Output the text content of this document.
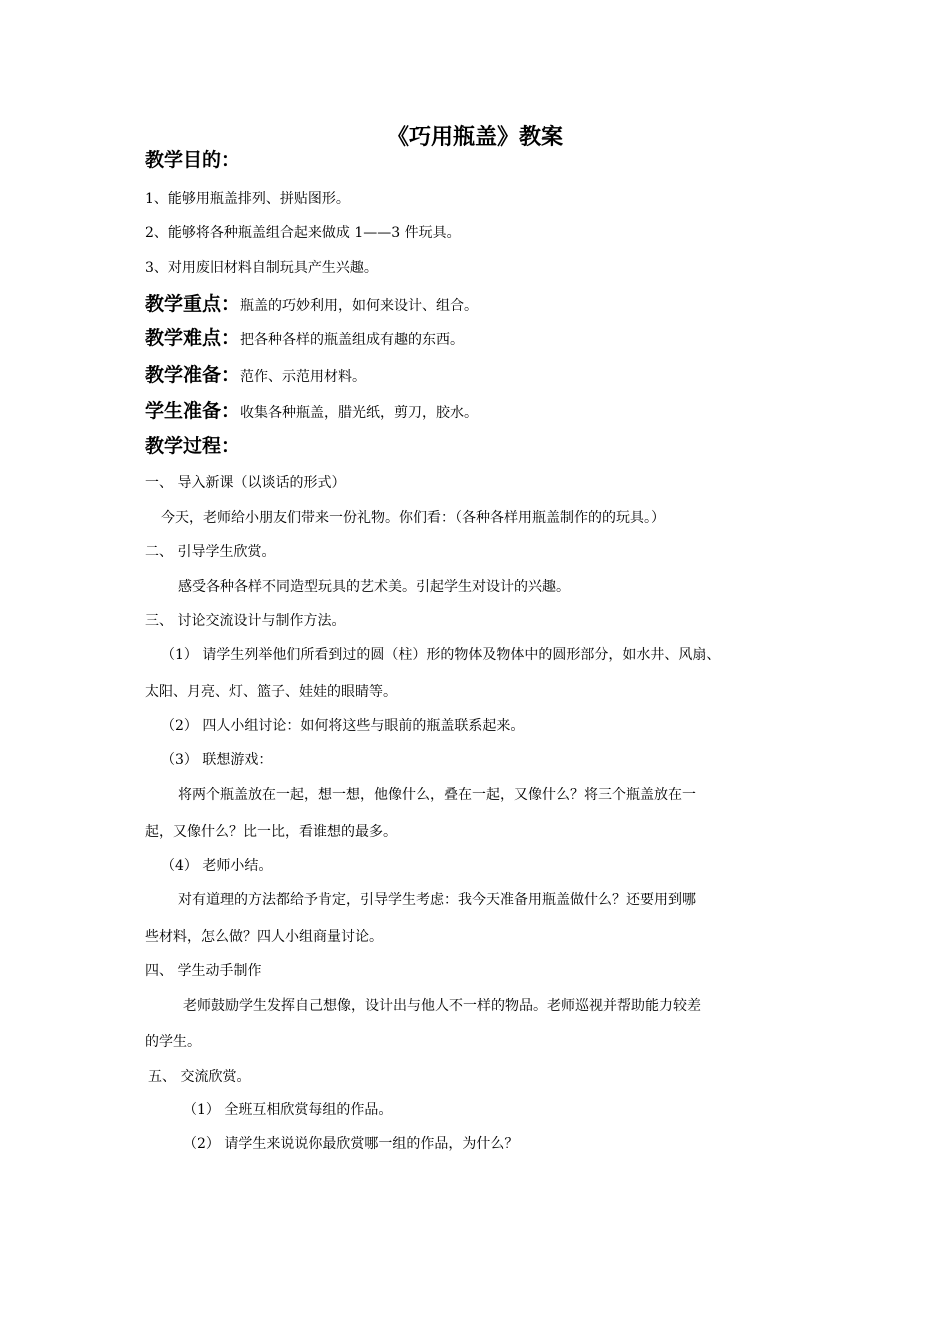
《巧用瓶盖》教案
教学目的：
1、能够用瓶盖排列、拼贴图形。
2、能够将各种瓶盖组合起来做成 1——3 件玩具。
3、对用废旧材料自制玩具产生兴趣。
教学重点：瓶盖的巧妙利用，如何来设计、组合。
教学难点：把各种各样的瓶盖组成有趣的东西。
教学准备：范作、示范用材料。
学生准备：收集各种瓶盖，腊光纸，剪刀，胶水。
教学过程：
一、 导入新课（以谈话的形式）
今天，老师给小朋友们带来一份礼物。你们看：（各种各样用瓶盖制作的的玩具。）
二、 引导学生欣赏。
感受各种各样不同造型玩具的艺术美。引起学生对设计的兴趣。
三、 讨论交流设计与制作方法。
（1） 请学生列举他们所看到过的圆（柱）形的物体及物体中的圆形部分，如水井、风扇、
太阳、月亮、灯、篮子、娃娃的眼睛等。
（2） 四人小组讨论：如何将这些与眼前的瓶盖联系起来。
（3） 联想游戏：
将两个瓶盖放在一起，想一想，他像什么，叠在一起，又像什么？将三个瓶盖放在一
起，又像什么？比一比，看谁想的最多。
（4） 老师小结。
对有道理的方法都给予肯定，引导学生考虑：我今天准备用瓶盖做什么？还要用到哪
些材料，怎么做？四人小组商量讨论。
四、 学生动手制作
老师鼓励学生发挥自己想像，设计出与他人不一样的物品。老师巡视并帮助能力较差
的学生。
五、 交流欣赏。
（1） 全班互相欣赏每组的作品。
（2） 请学生来说说你最欣赏哪一组的作品，为什么？
